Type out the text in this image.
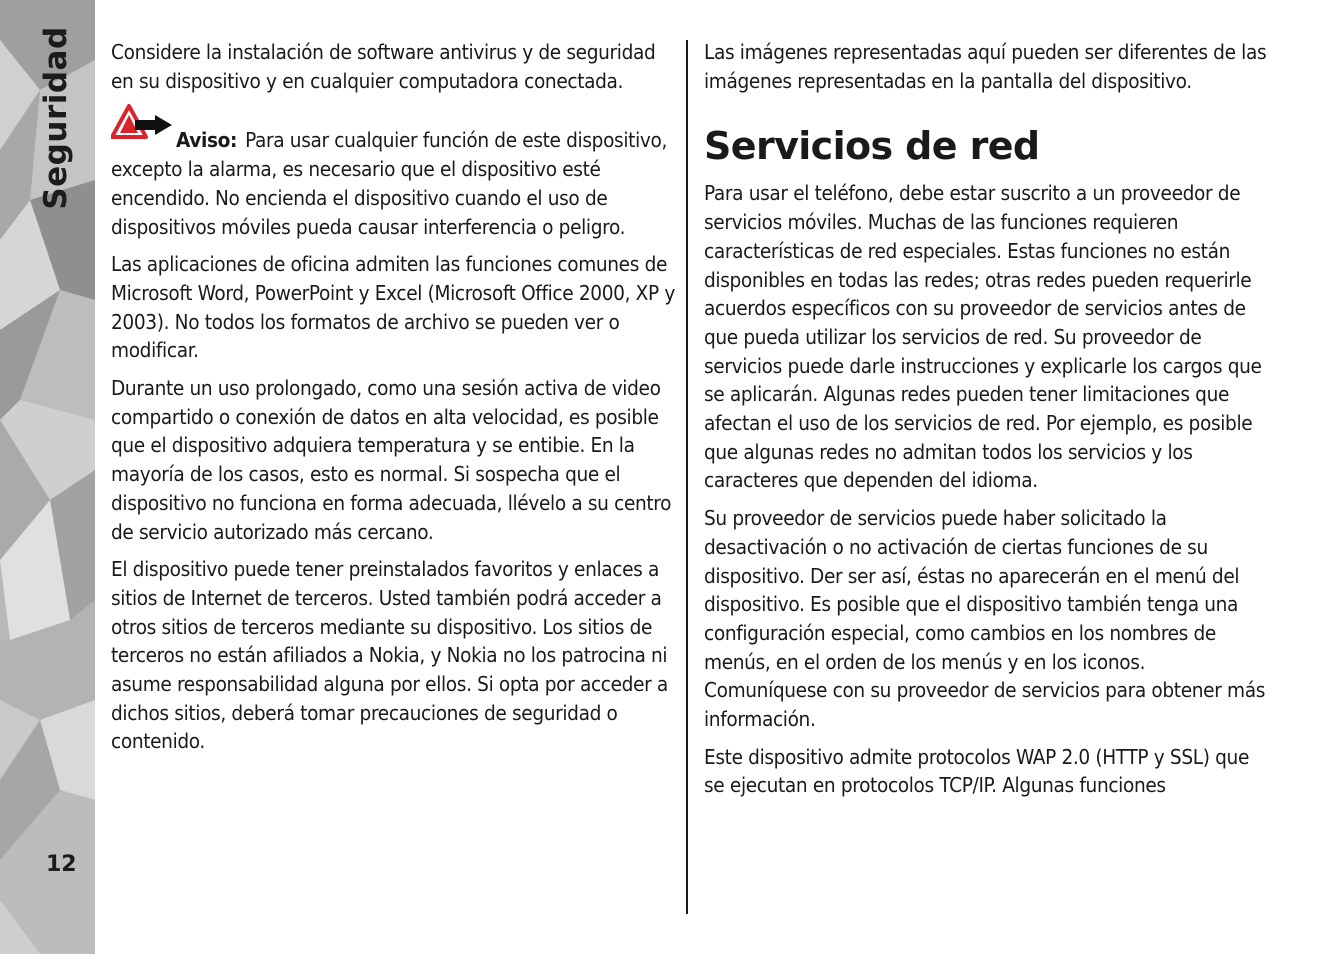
Seguridad
12

Considere la instalación de software antivirus y de seguridad en su dispositivo y en cualquier computadora conectada.

Aviso: Para usar cualquier función de este dispositivo, excepto la alarma, es necesario que el dispositivo esté encendido. No encienda el dispositivo cuando el uso de dispositivos móviles pueda causar interferencia o peligro.

Las aplicaciones de oficina admiten las funciones comunes de Microsoft Word, PowerPoint y Excel (Microsoft Office 2000, XP y 2003). No todos los formatos de archivo se pueden ver o modificar.

Durante un uso prolongado, como una sesión activa de video compartido o conexión de datos en alta velocidad, es posible que el dispositivo adquiera temperatura y se entibie. En la mayoría de los casos, esto es normal. Si sospecha que el dispositivo no funciona en forma adecuada, llévelo a su centro de servicio autorizado más cercano.

El dispositivo puede tener preinstalados favoritos y enlaces a sitios de Internet de terceros. Usted también podrá acceder a otros sitios de terceros mediante su dispositivo. Los sitios de terceros no están afiliados a Nokia, y Nokia no los patrocina ni asume responsabilidad alguna por ellos. Si opta por acceder a dichos sitios, deberá tomar precauciones de seguridad o contenido.

Las imágenes representadas aquí pueden ser diferentes de las imágenes representadas en la pantalla del dispositivo.

Servicios de red

Para usar el teléfono, debe estar suscrito a un proveedor de servicios móviles. Muchas de las funciones requieren características de red especiales. Estas funciones no están disponibles en todas las redes; otras redes pueden requerirle acuerdos específicos con su proveedor de servicios antes de que pueda utilizar los servicios de red. Su proveedor de servicios puede darle instrucciones y explicarle los cargos que se aplicarán. Algunas redes pueden tener limitaciones que afectan el uso de los servicios de red. Por ejemplo, es posible que algunas redes no admitan todos los servicios y los caracteres que dependen del idioma.

Su proveedor de servicios puede haber solicitado la desactivación o no activación de ciertas funciones de su dispositivo. Der ser así, éstas no aparecerán en el menú del dispositivo. Es posible que el dispositivo también tenga una configuración especial, como cambios en los nombres de menús, en el orden de los menús y en los iconos. Comuníquese con su proveedor de servicios para obtener más información.

Este dispositivo admite protocolos WAP 2.0 (HTTP y SSL) que se ejecutan en protocolos TCP/IP. Algunas funciones
